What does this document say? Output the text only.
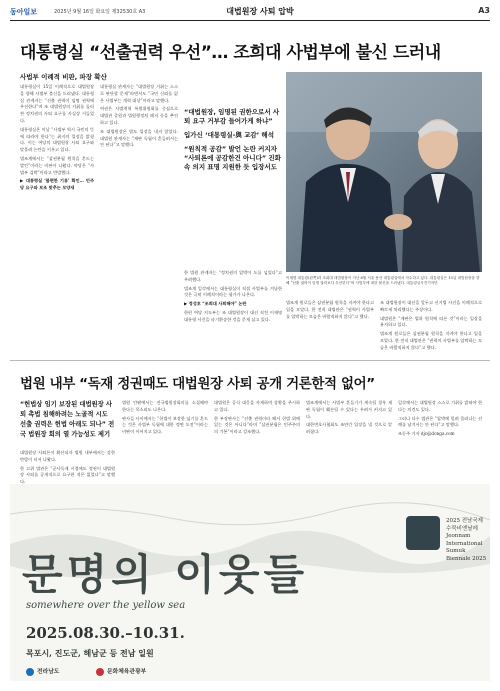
동아일보	2025년 9월 16일 화요일 제32530호 A3	대법원장 사퇴 압박	A3
대통령실 “선출권력 우선”… 조희대 사법부에 불신 드러내
사법부 이례적 비판, 파장 확산

대통령실이 15일 이례적으로 대법원장을 향해 사법부 불신을 드러냈다. 대통령실 관계자는 “선출 권력이 임명 권력에 우선한다”며 조 대법원장의 거취를 둘러싼 정치권의 사퇴 요구를 사실상 거들었다.

대통령실은 이날 “사법부 역시 국민의 뜻에 따라야 한다”는 취지의 입장을 밝혔다. 이는 여당의 대법원장 사퇴 요구와 맞물려 논란을 키우고 있다.

법조계에서는 “삼권분립 원칙을 흔드는 발언”이라는 비판이 나왔다. 야당은 “사법부 겁박”이라고 반발했다.

▶ 대통령실 ‘불편한 기류’ 확인… 민주당 요구와 보조 맞추는 모양새

대통령실 관계자는 “대법원장 거취는 스스로 판단할 문제”라면서도 “국민 신뢰를 잃은 사법부는 개혁 대상”이라고 말했다.

여권은 사법개혁 특별위원회를 중심으로 대법관 증원과 법원행정처 폐지 등을 추진하고 있다.

조 대법원장은 별도 입장을 내지 않았다. 대법원 관계자는 “재판 독립이 흔들려서는 안 된다”고 말했다.

“대법원장, 임명된 권한으로서 사퇴 요구 거부감 들어가게 하냐”

입가신 ‘대통령실-與 교감’ 해석

“원칙적 공감” 발언 논란 커지자 “사퇴론에 공감한건 아니다” 진화 속 의지 표명 지원한 듯 입장서도

한 법원 관계자는 “정치권의 압박이 도를 넘었다”고 우려했다.

법조계 일각에서는 대통령실이 직접 사법부를 겨냥한 것은 극히 이례적이라는 평가가 나온다.

▶ 정성호 “조희대 사퇴해야” 논란

한편 여당 지도부는 조 대법원장이 대선 직전 이재명 대통령 사건을 파기환송한 것을 문제 삼고 있다.

이재명 대통령(왼쪽)과 조희대 대법원장이 지난 6월 서울 용산 대통령실에서 악수하고 있다. 대통령실은 15일 대법원장을 향해 “선출 권력이 임명 권력보다 우선한다”며 사법부에 대한 불신을 드러냈다. 대통령실사진기자단

조 대법원장이 대선을 앞두고 선거법 사건을 이례적으로 빠르게 처리했다는 주장이다.

대법원은 “재판은 법과 원칙에 따른 것”이라는 입장을 유지하고 있다.

법조계 원로들은 삼권분립 원칙을 지켜야 한다고 입을 모았다. 한 전직 대법관은 “권력이 사법부를 압박하는 모습은 바람직하지 않다”고 했다.

법조계 원로들은 삼권분립 원칙을 지켜야 한다고 입을 모았다. 한 전직 대법관은 “권력이 사법부를 압박하는 모습은 바람직하지 않다”고 했다.

법원 내부 “독재 정권때도 대법원장 사퇴 공개 거론한적 없어”
“헌법상 임기 보장된 대법원장 사퇴 촉법 침해하려는 노골적 시도 선출 권력은 헌법 아래도 되나” 전국 법원장 회의 열 가능성도 제기

대법원장 사퇴론이 확산되자 법원 내부에서는 강한 반발이 터져 나왔다.

한 고위 법관은 “군사독재 시절에도 정권이 대법원장 사퇴를 공개적으로 요구한 적은 없었다”고 말했다.

법원 안팎에서는 전국법원장회의를 소집해야 한다는 목소리도 나온다.

판사들 사이에서는 “헌법이 보장한 임기를 흔드는 것은 사법부 독립에 대한 정면 도전”이라는 비판이 이어지고 있다.

대법원은 공식 대응을 자제하며 상황을 주시하고 있다.

한 부장판사는 “선출 권력이라 해서 헌법 위에 있는 것은 아니다”라며 “삼권분립은 민주주의의 기본”이라고 강조했다.

법조계에서는 사법부 흔들기가 계속될 경우 재판 독립이 훼손될 수 있다는 우려가 커지고 있다.

대한변호사협회도 조만간 입장을 낼 것으로 알려졌다.

일각에서는 대법원장 스스로 거취를 밝혀야 한다는 의견도 있다.

그러나 다수 법관은 “압박에 밀려 물러나는 선례를 남겨서는 안 된다”고 말했다.

조동주 기자 djc@donga.com

2025 전남국제 수묵비엔날레
Jeonnam International Sumuk Biennale 2025
문명의 이웃들
somewhere over the yellow sea
2025.08.30.–10.31.
목포시, 진도군, 해남군 등 전남 일원
전라남도	문화체육관광부
